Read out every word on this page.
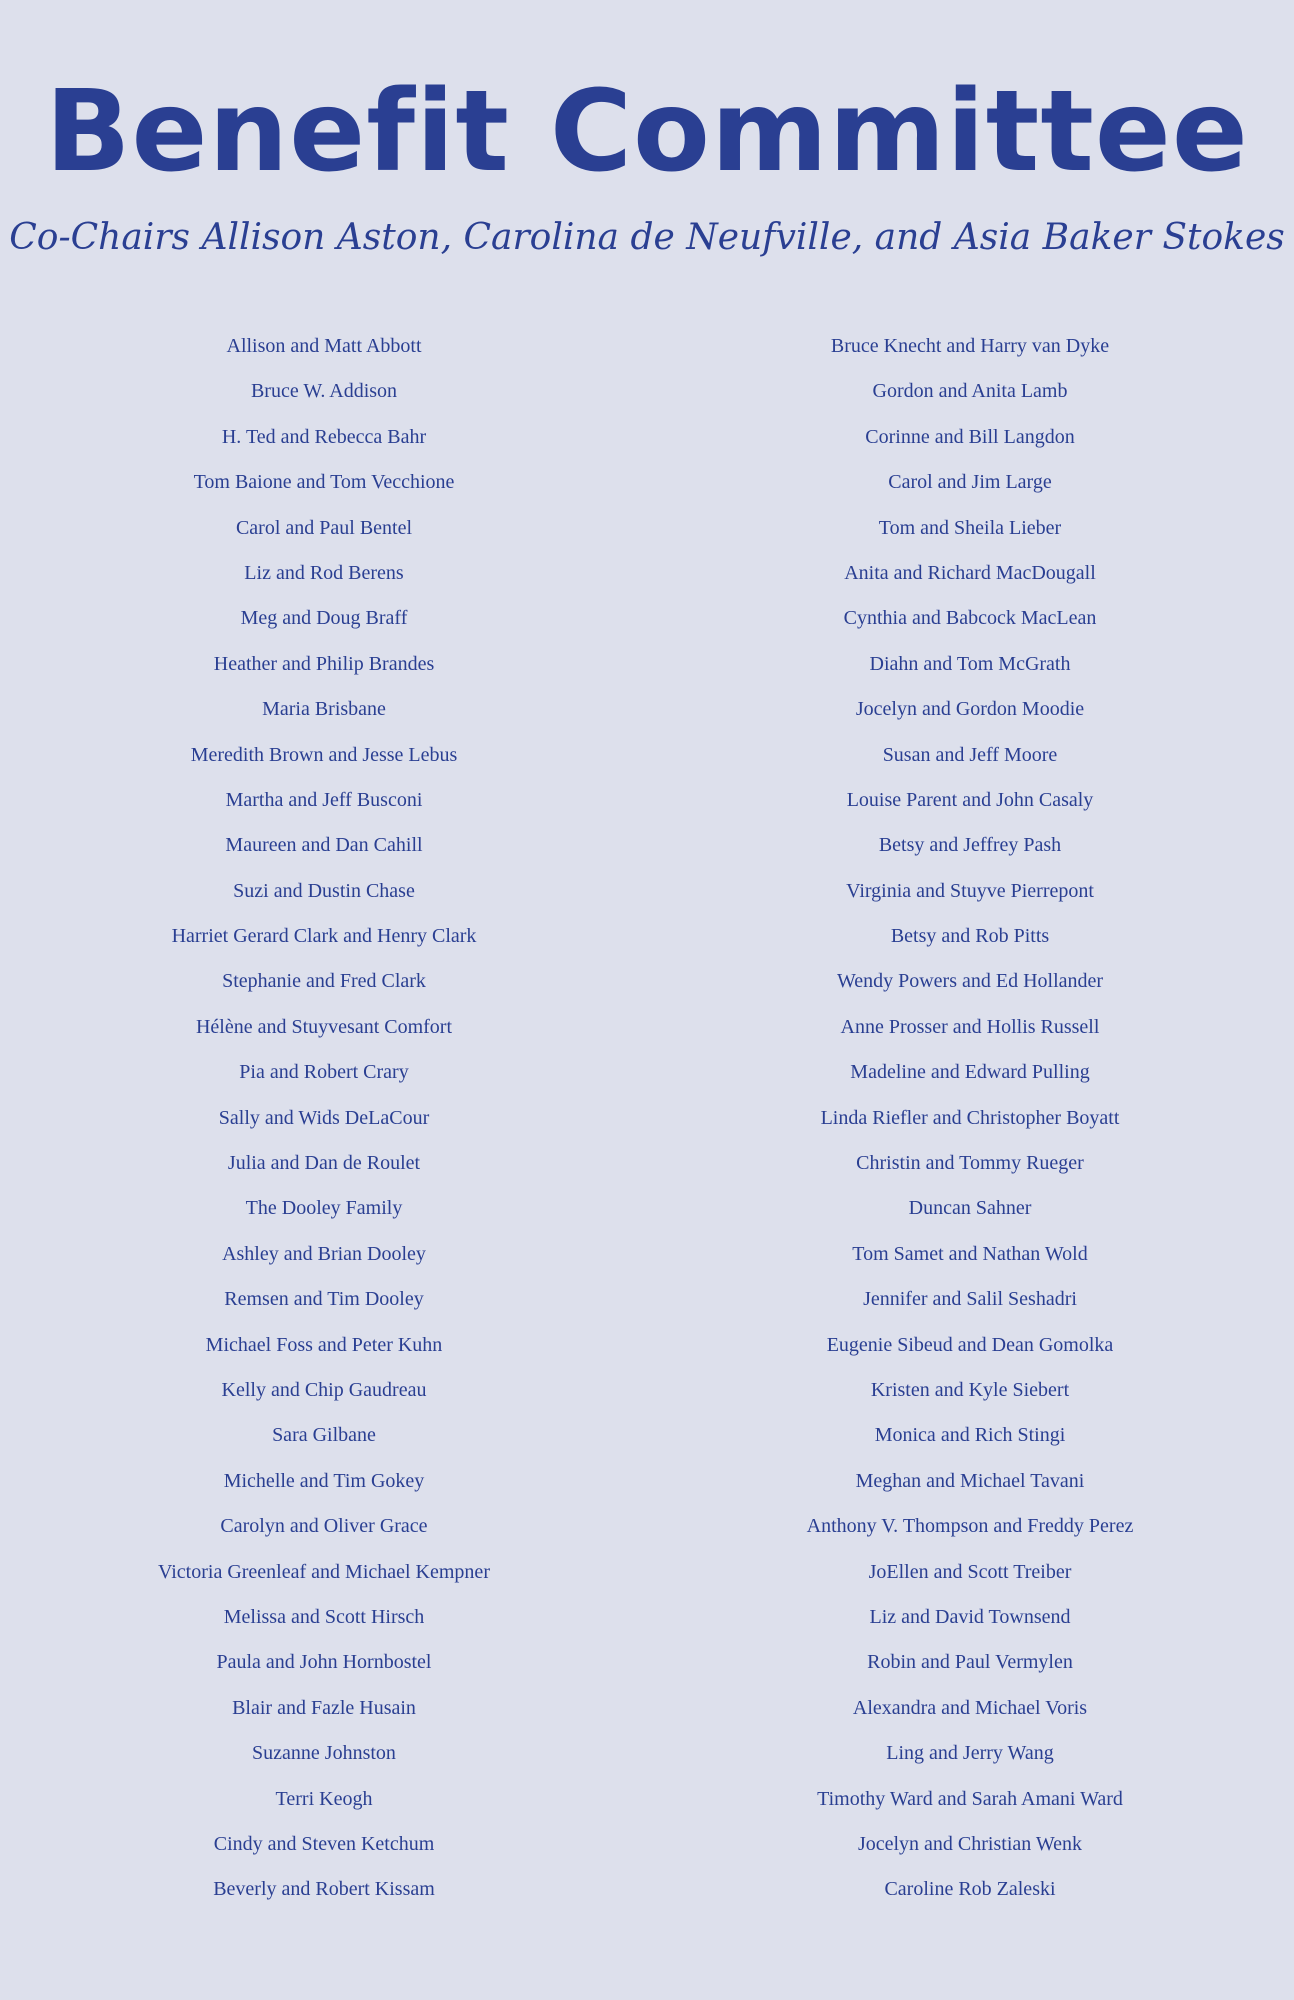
Benefit Committee

Co-Chairs Allison Aston, Carolina de Neufville, and Asia Baker Stokes

Allison and Matt Abbott
Bruce W. Addison
H. Ted and Rebecca Bahr
Tom Baione and Tom Vecchione
Carol and Paul Bentel
Liz and Rod Berens
Meg and Doug Braff
Heather and Philip Brandes
Maria Brisbane
Meredith Brown and Jesse Lebus
Martha and Jeff Busconi
Maureen and Dan Cahill
Suzi and Dustin Chase
Harriet Gerard Clark and Henry Clark
Stephanie and Fred Clark
Hélène and Stuyvesant Comfort
Pia and Robert Crary
Sally and Wids DeLaCour
Julia and Dan de Roulet
The Dooley Family
Ashley and Brian Dooley
Remsen and Tim Dooley
Michael Foss and Peter Kuhn
Kelly and Chip Gaudreau
Sara Gilbane
Michelle and Tim Gokey
Carolyn and Oliver Grace
Victoria Greenleaf and Michael Kempner
Melissa and Scott Hirsch
Paula and John Hornbostel
Blair and Fazle Husain
Suzanne Johnston
Terri Keogh
Cindy and Steven Ketchum
Beverly and Robert Kissam
Bruce Knecht and Harry van Dyke
Gordon and Anita Lamb
Corinne and Bill Langdon
Carol and Jim Large
Tom and Sheila Lieber
Anita and Richard MacDougall
Cynthia and Babcock MacLean
Diahn and Tom McGrath
Jocelyn and Gordon Moodie
Susan and Jeff Moore
Louise Parent and John Casaly
Betsy and Jeffrey Pash
Virginia and Stuyve Pierrepont
Betsy and Rob Pitts
Wendy Powers and Ed Hollander
Anne Prosser and Hollis Russell
Madeline and Edward Pulling
Linda Riefler and Christopher Boyatt
Christin and Tommy Rueger
Duncan Sahner
Tom Samet and Nathan Wold
Jennifer and Salil Seshadri
Eugenie Sibeud and Dean Gomolka
Kristen and Kyle Siebert
Monica and Rich Stingi
Meghan and Michael Tavani
Anthony V. Thompson and Freddy Perez
JoEllen and Scott Treiber
Liz and David Townsend
Robin and Paul Vermylen
Alexandra and Michael Voris
Ling and Jerry Wang
Timothy Ward and Sarah Amani Ward
Jocelyn and Christian Wenk
Caroline Rob Zaleski
